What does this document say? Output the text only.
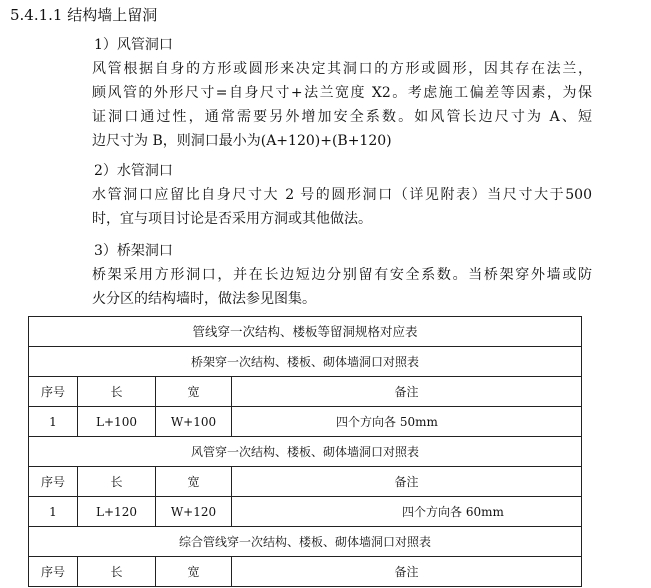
5.4.1.1 结构墙上留洞
1）风管洞口
风管根据自身的方形或圆形来决定其洞口的方形或圆形，因其存在法兰，
顾风管的外形尺寸=自身尺寸+法兰宽度 X2。考虑施工偏差等因素，为保
证洞口通过性，通常需要另外增加安全系数。如风管长边尺寸为 A、短
边尺寸为 B，则洞口最小为(A+120)+(B+120)
2）水管洞口
水管洞口应留比自身尺寸大 2 号的圆形洞口（详见附表）当尺寸大于500
时，宜与项目讨论是否采用方洞或其他做法。
3）桥架洞口
桥架采用方形洞口，并在长边短边分别留有安全系数。当桥架穿外墙或防
火分区的结构墙时，做法参见图集。
管线穿一次结构、楼板等留洞规格对应表			
桥架穿一次结构、楼板、砌体墙洞口对照表			
序号	长	宽	备注
1	L+100	W+100	四个方向各 50mm
风管穿一次结构、楼板、砌体墙洞口对照表			
序号	长	宽	备注
1	L+120	W+120	四个方向各 60mm
综合管线穿一次结构、楼板、砌体墙洞口对照表			
序号	长	宽	备注
